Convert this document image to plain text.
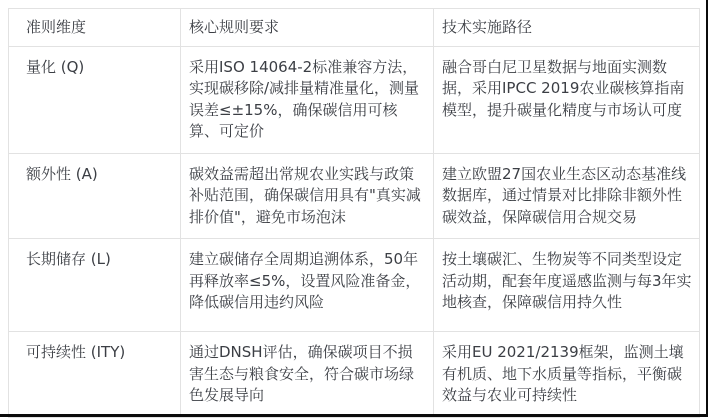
准则维度	核心规则要求	技术实施路径
量化 (Q)	采用ISO 14064-2标准兼容方法，实现碳移除/减排量精准量化，测量误差≤±15%，确保碳信用可核算、可定价	融合哥白尼卫星数据与地面实测数据，采用IPCC 2019农业碳核算指南模型，提升碳量化精度与市场认可度
额外性 (A)	碳效益需超出常规农业实践与政策补贴范围，确保碳信用具有"真实减排价值"，避免市场泡沫	建立欧盟27国农业生态区动态基准线数据库，通过情景对比排除非额外性碳效益，保障碳信用合规交易
长期储存 (L)	建立碳储存全周期追溯体系，50年再释放率≤5%，设置风险准备金，降低碳信用违约风险	按土壤碳汇、生物炭等不同类型设定活动期，配套年度遥感监测与每3年实地核查，保障碳信用持久性
可持续性 (ITY)	通过DNSH评估，确保碳项目不损害生态与粮食安全，符合碳市场绿色发展导向	采用EU 2021/2139框架，监测土壤有机质、地下水质量等指标，平衡碳效益与农业可持续性
